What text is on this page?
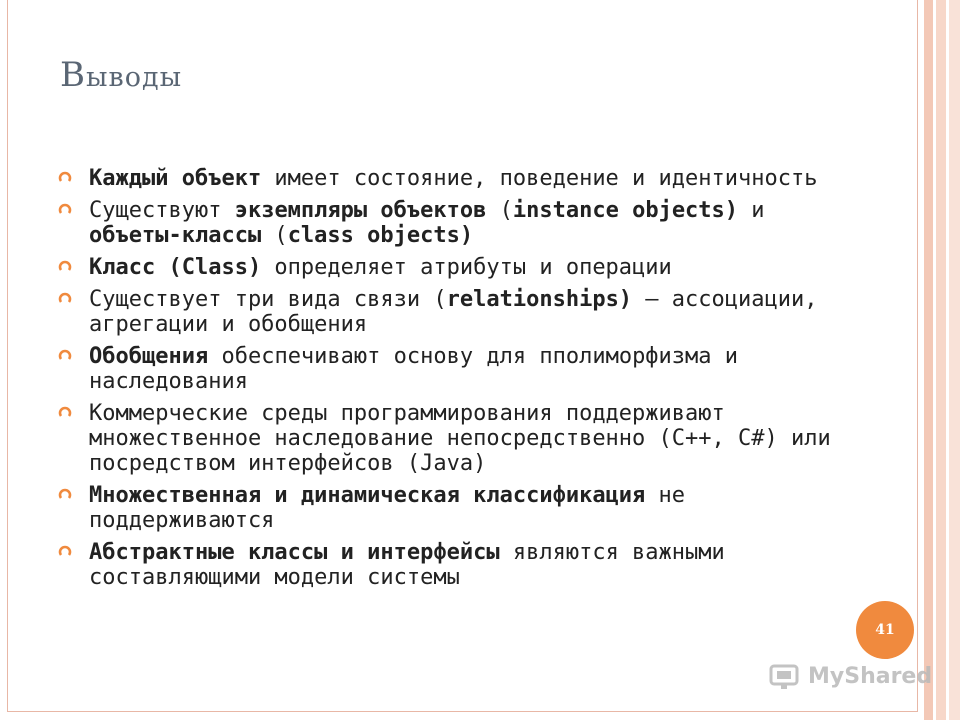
Выводы
Каждый объект имеет состояние, поведение и идентичность
Существуют экземпляры объектов (instance objects) и объеты-классы (class objects)
Класс (Class) определяет атрибуты и операции
Существует три вида связи (relationships) – ассоциации, агрегации и обобщения
Обобщения обеспечивают основу для пполиморфизма и наследования
Коммерческие среды программирования поддерживают множественное наследование непосредственно (С++, С#) или посредством интерфейсов (Java)
Множественная и динамическая классификация не поддерживаются
Абстрактные классы и интерфейсы являются важными составляющими модели системы
41
MyShared
